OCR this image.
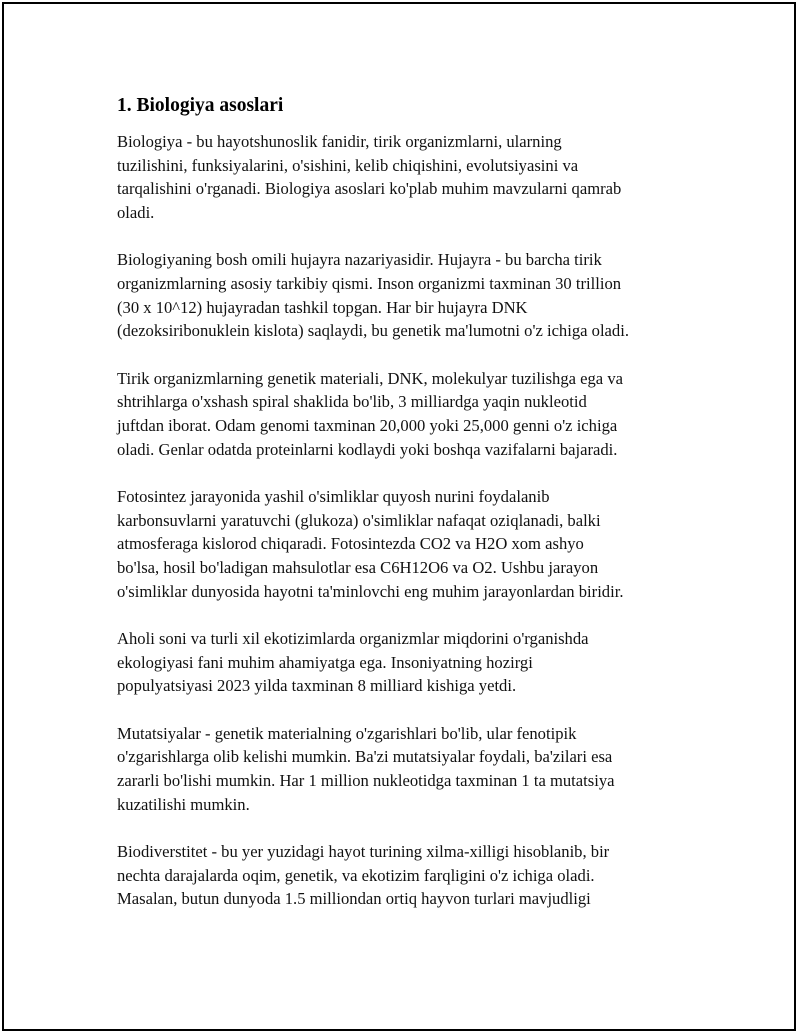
1. Biologiya asoslari

Biologiya - bu hayotshunoslik fanidir, tirik organizmlarni, ularning
tuzilishini, funksiyalarini, o'sishini, kelib chiqishini, evolutsiyasini va
tarqalishini o'rganadi. Biologiya asoslari ko'plab muhim mavzularni qamrab
oladi.

Biologiyaning bosh omili hujayra nazariyasidir. Hujayra - bu barcha tirik
organizmlarning asosiy tarkibiy qismi. Inson organizmi taxminan 30 trillion
(30 x 10^12) hujayradan tashkil topgan. Har bir hujayra DNK
(dezoksiribonuklein kislota) saqlaydi, bu genetik ma'lumotni o'z ichiga oladi.

Tirik organizmlarning genetik materiali, DNK, molekulyar tuzilishga ega va
shtrihlarga o'xshash spiral shaklida bo'lib, 3 milliardga yaqin nukleotid
juftdan iborat. Odam genomi taxminan 20,000 yoki 25,000 genni o'z ichiga
oladi. Genlar odatda proteinlarni kodlaydi yoki boshqa vazifalarni bajaradi.

Fotosintez jarayonida yashil o'simliklar quyosh nurini foydalanib
karbonsuvlarni yaratuvchi (glukoza) o'simliklar nafaqat oziqlanadi, balki
atmosferaga kislorod chiqaradi. Fotosintezda CO2 va H2O xom ashyo
bo'lsa, hosil bo'ladigan mahsulotlar esa C6H12O6 va O2. Ushbu jarayon
o'simliklar dunyosida hayotni ta'minlovchi eng muhim jarayonlardan biridir.

Aholi soni va turli xil ekotizimlarda organizmlar miqdorini o'rganishda
ekologiyasi fani muhim ahamiyatga ega. Insoniyatning hozirgi
populyatsiyasi 2023 yilda taxminan 8 milliard kishiga yetdi.

Mutatsiyalar - genetik materialning o'zgarishlari bo'lib, ular fenotipik
o'zgarishlarga olib kelishi mumkin. Ba'zi mutatsiyalar foydali, ba'zilari esa
zararli bo'lishi mumkin. Har 1 million nukleotidga taxminan 1 ta mutatsiya
kuzatilishi mumkin.

Biodiverstitet - bu yer yuzidagi hayot turining xilma-xilligi hisoblanib, bir
nechta darajalarda oqim, genetik, va ekotizim farqligini o'z ichiga oladi.
Masalan, butun dunyoda 1.5 milliondan ortiq hayvon turlari mavjudligi
